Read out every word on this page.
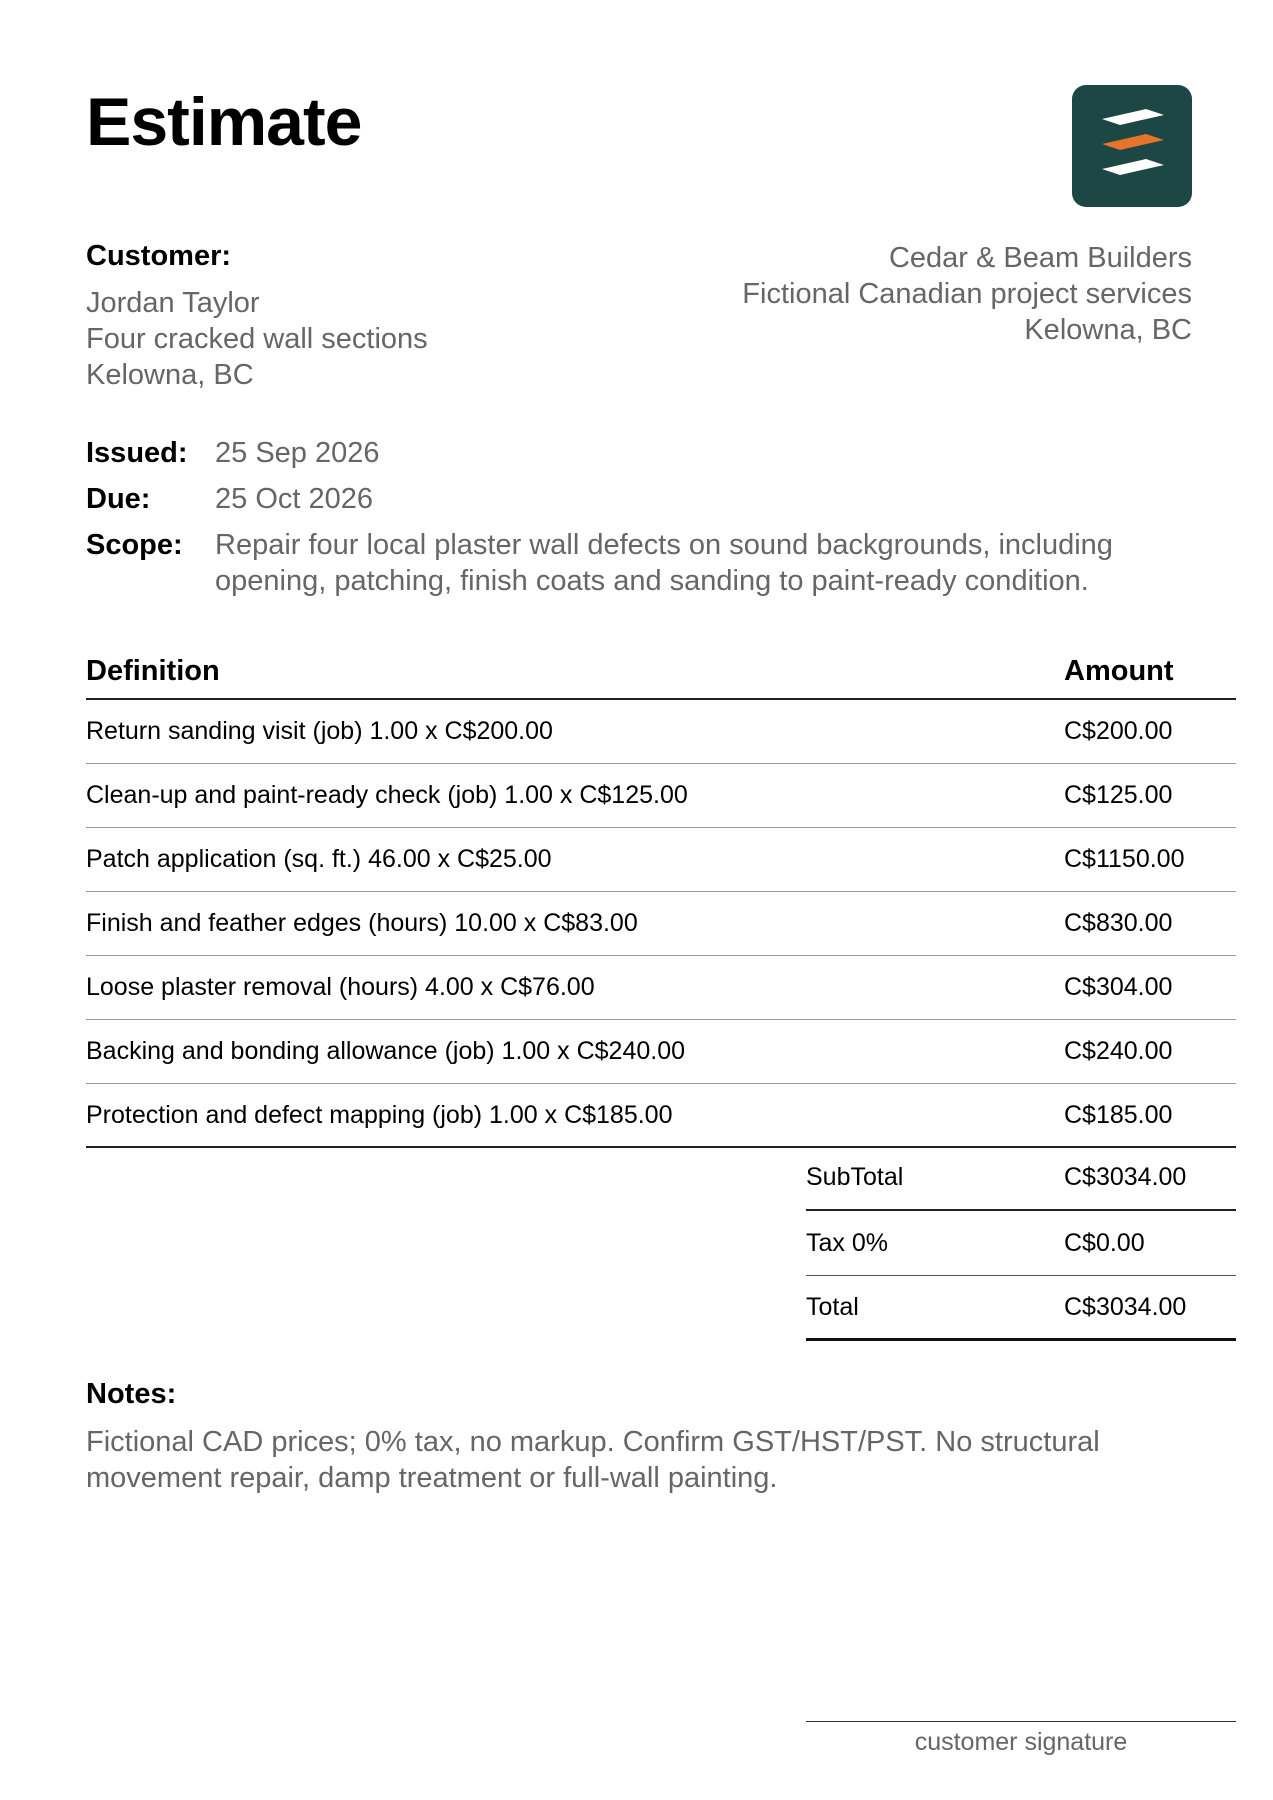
Estimate
Customer:
Jordan Taylor
Four cracked wall sections
Kelowna, BC
Cedar & Beam Builders
Fictional Canadian project services
Kelowna, BC
Issued: 25 Sep 2026
Due:	25 Oct 2026
Scope:	Repair four local plaster wall defects on sound backgrounds, including opening, patching, finish coats and sanding to paint-ready condition.
Definition	Amount
Return sanding visit (job) 1.00 x C$200.00	C$200.00
Clean-up and paint-ready check (job) 1.00 x C$125.00	C$125.00
Patch application (sq. ft.) 46.00 x C$25.00	C$1150.00
Finish and feather edges (hours) 10.00 x C$83.00	C$830.00
Loose plaster removal (hours) 4.00 x C$76.00	C$304.00
Backing and bonding allowance (job) 1.00 x C$240.00	C$240.00
Protection and defect mapping (job) 1.00 x C$185.00	C$185.00
SubTotal	C$3034.00
Tax 0%	C$0.00
Total	C$3034.00
Notes:
Fictional CAD prices; 0% tax, no markup. Confirm GST/HST/PST. No structural movement repair, damp treatment or full-wall painting.
customer signature
